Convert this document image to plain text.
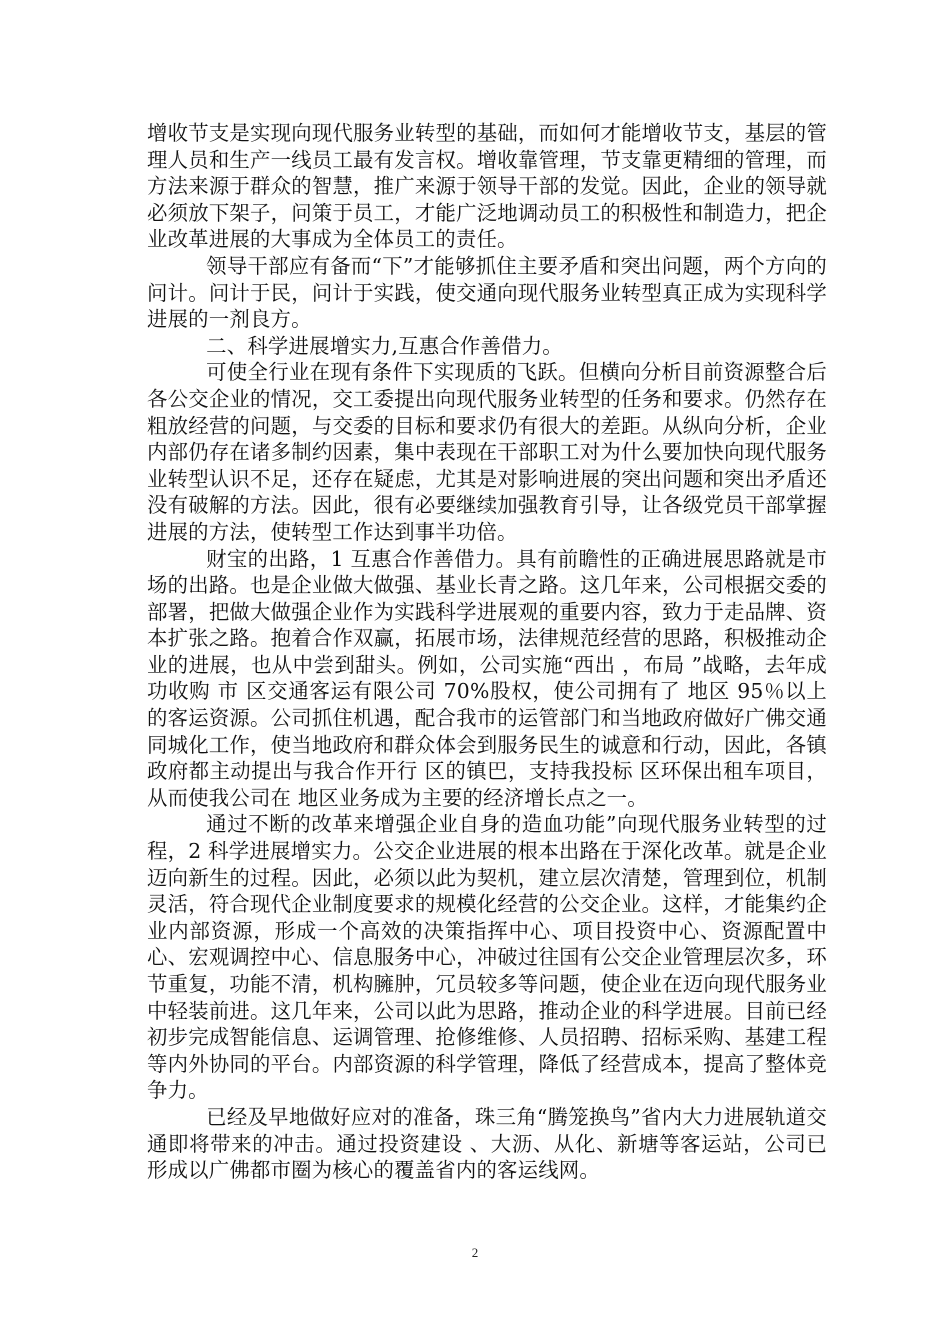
增收节支是实现向现代服务业转型的基础，而如何才能增收节支，基层的管理人员和生产一线员工最有发言权。增收靠管理，节支靠更精细的管理，而方法来源于群众的智慧，推广来源于领导干部的发觉。因此，企业的领导就必须放下架子，问策于员工，才能广泛地调动员工的积极性和制造力，把企业改革进展的大事成为全体员工的责任。

领导干部应有备而“下”才能够抓住主要矛盾和突出问题，两个方向的问计。问计于民，问计于实践，使交通向现代服务业转型真正成为实现科学进展的一剂良方。

二、科学进展增实力,互惠合作善借力。

可使全行业在现有条件下实现质的飞跃。但横向分析目前资源整合后各公交企业的情况，交工委提出向现代服务业转型的任务和要求。仍然存在粗放经营的问题，与交委的目标和要求仍有很大的差距。从纵向分析，企业内部仍存在诸多制约因素，集中表现在干部职工对为什么要加快向现代服务业转型认识不足，还存在疑虑，尤其是对影响进展的突出问题和突出矛盾还没有破解的方法。因此，很有必要继续加强教育引导，让各级党员干部掌握进展的方法，使转型工作达到事半功倍。

财宝的出路，1 互惠合作善借力。具有前瞻性的正确进展思路就是市场的出路。也是企业做大做强、基业长青之路。这几年来，公司根据交委的部署，把做大做强企业作为实践科学进展观的重要内容，致力于走品牌、资本扩张之路。抱着合作双赢，拓展市场，法律规范经营的思路，积极推动企业的进展，也从中尝到甜头。例如，公司实施“西出 ，布局 ”战略，去年成功收购 市 区交通客运有限公司 70%股权，使公司拥有了 地区 95％以上的客运资源。公司抓住机遇，配合我市的运管部门和当地政府做好广佛交通同城化工作，使当地政府和群众体会到服务民生的诚意和行动，因此，各镇政府都主动提出与我合作开行 区的镇巴，支持我投标 区环保出租车项目，从而使我公司在 地区业务成为主要的经济增长点之一。

通过不断的改革来增强企业自身的造血功能”向现代服务业转型的过程，2 科学进展增实力。公交企业进展的根本出路在于深化改革。就是企业迈向新生的过程。因此，必须以此为契机，建立层次清楚，管理到位，机制灵活，符合现代企业制度要求的规模化经营的公交企业。这样，才能集约企业内部资源，形成一个高效的决策指挥中心、项目投资中心、资源配置中心、宏观调控中心、信息服务中心，冲破过往国有公交企业管理层次多，环节重复，功能不清，机构臃肿，冗员较多等问题，使企业在迈向现代服务业中轻装前进。这几年来，公司以此为思路，推动企业的科学进展。目前已经初步完成智能信息、运调管理、抢修维修、人员招聘、招标采购、基建工程等内外协同的平台。内部资源的科学管理，降低了经营成本，提高了整体竞争力。

已经及早地做好应对的准备，珠三角“腾笼换鸟”省内大力进展轨道交通即将带来的冲击。通过投资建设 、大沥、从化、新塘等客运站，公司已形成以广佛都市圈为核心的覆盖省内的客运线网。

2
